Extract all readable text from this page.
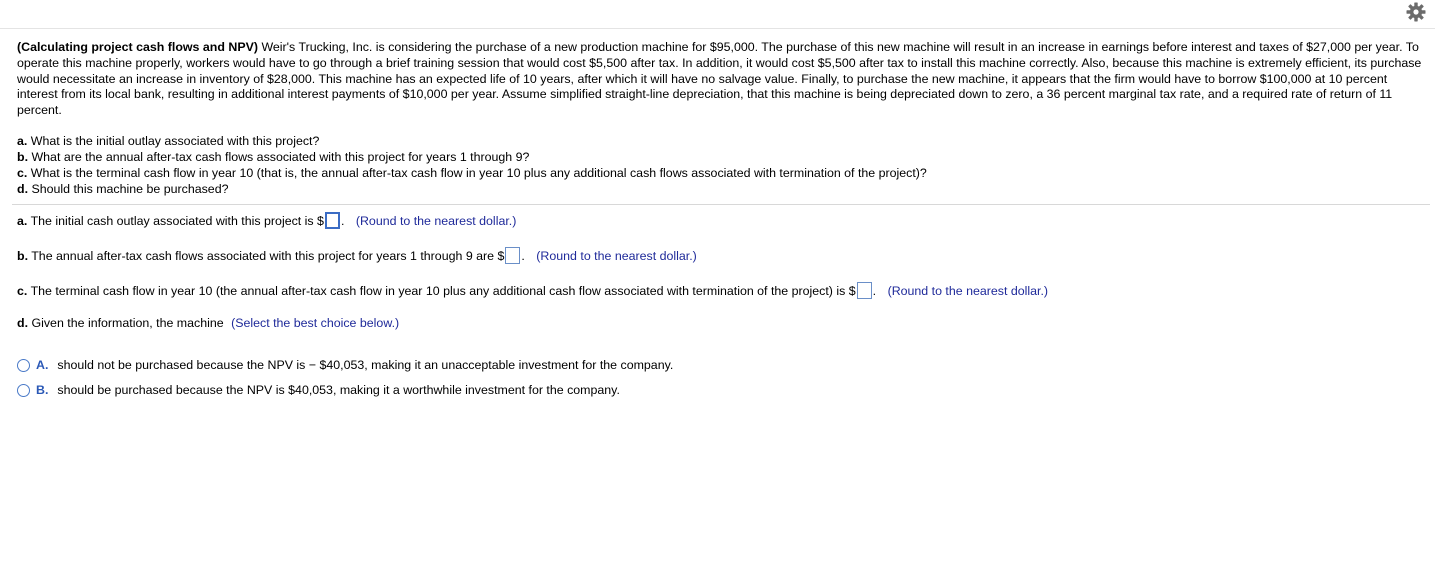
(Calculating project cash flows and NPV) Weir's Trucking, Inc. is considering the purchase of a new production machine for $95,000. The purchase of this new machine will result in an increase in earnings before interest and taxes of $27,000 per year. To operate this machine properly, workers would have to go through a brief training session that would cost $5,500 after tax. In addition, it would cost $5,500 after tax to install this machine correctly. Also, because this machine is extremely efficient, its purchase would necessitate an increase in inventory of $28,000. This machine has an expected life of 10 years, after which it will have no salvage value. Finally, to purchase the new machine, it appears that the firm would have to borrow $100,000 at 10 percent interest from its local bank, resulting in additional interest payments of $10,000 per year. Assume simplified straight-line depreciation, that this machine is being depreciated down to zero, a 36 percent marginal tax rate, and a required rate of return of 11 percent.
a. What is the initial outlay associated with this project?
b. What are the annual after-tax cash flows associated with this project for years 1 through 9?
c. What is the terminal cash flow in year 10 (that is, the annual after-tax cash flow in year 10 plus any additional cash flows associated with termination of the project)?
d. Should this machine be purchased?
a. The initial cash outlay associated with this project is $ . (Round to the nearest dollar.)
b. The annual after-tax cash flows associated with this project for years 1 through 9 are $ . (Round to the nearest dollar.)
c. The terminal cash flow in year 10 (the annual after-tax cash flow in year 10 plus any additional cash flow associated with termination of the project) is $ . (Round to the nearest dollar.)
d. Given the information, the machine (Select the best choice below.)
A. should not be purchased because the NPV is − $40,053, making it an unacceptable investment for the company.
B. should be purchased because the NPV is $40,053, making it a worthwhile investment for the company.
